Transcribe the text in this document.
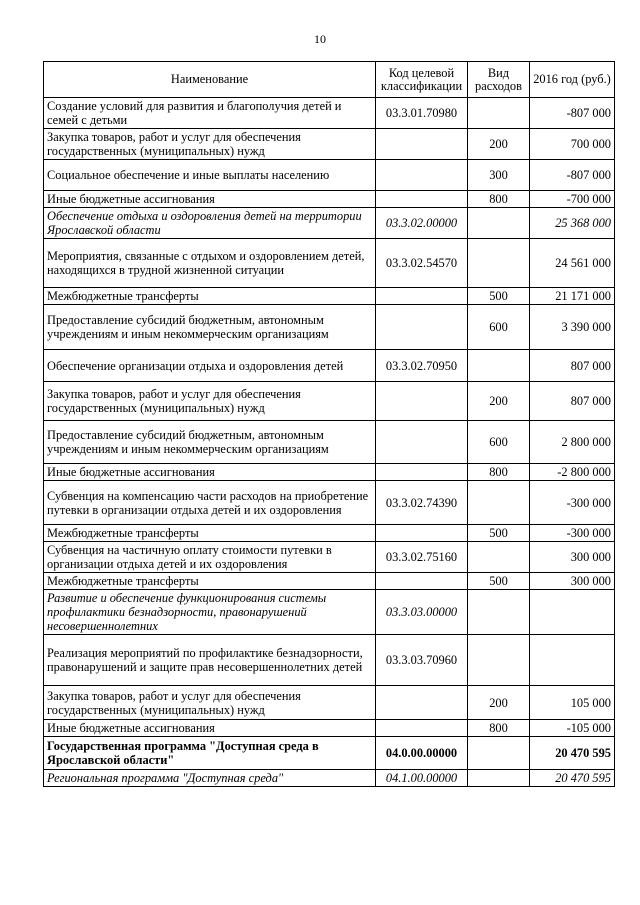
10
Наименование	Код целевой классификации	Вид расходов	2016 год (руб.)
Создание условий для развития и благополучия детей и семей с детьми	03.3.01.70980		-807 000
Закупка товаров, работ и услуг для обеспечения государственных (муниципальных) нужд		200	700 000
Социальное обеспечение и иные выплаты населению		300	-807 000
Иные бюджетные ассигнования		800	-700 000
Обеспечение отдыха и оздоровления детей на территории Ярославской области	03.3.02.00000		25 368 000
Мероприятия, связанные с отдыхом и оздоровлением детей, находящихся в трудной жизненной ситуации	03.3.02.54570		24 561 000
Межбюджетные трансферты		500	21 171 000
Предоставление субсидий бюджетным, автономным учреждениям и иным некоммерческим организациям		600	3 390 000
Обеспечение организации отдыха и оздоровления детей	03.3.02.70950		807 000
Закупка товаров, работ и услуг для обеспечения государственных (муниципальных) нужд		200	807 000
Предоставление субсидий бюджетным, автономным учреждениям и иным некоммерческим организациям		600	2 800 000
Иные бюджетные ассигнования		800	-2 800 000
Субвенция на компенсацию части расходов на приобретение путевки в организации отдыха детей и их оздоровления	03.3.02.74390		-300 000
Межбюджетные трансферты		500	-300 000
Субвенция на частичную оплату стоимости путевки в организации отдыха детей и их оздоровления	03.3.02.75160		300 000
Межбюджетные трансферты		500	300 000
Развитие и обеспечение функционирования системы профилактики безнадзорности, правонарушений несовершеннолетних	03.3.03.00000		
Реализация мероприятий по профилактике безнадзорности, правонарушений и защите прав несовершеннолетних детей	03.3.03.70960		
Закупка товаров, работ и услуг для обеспечения государственных (муниципальных) нужд		200	105 000
Иные бюджетные ассигнования		800	-105 000
Государственная программа "Доступная среда в Ярославской области"	04.0.00.00000		20 470 595
Региональная программа "Доступная среда"	04.1.00.00000		20 470 595
